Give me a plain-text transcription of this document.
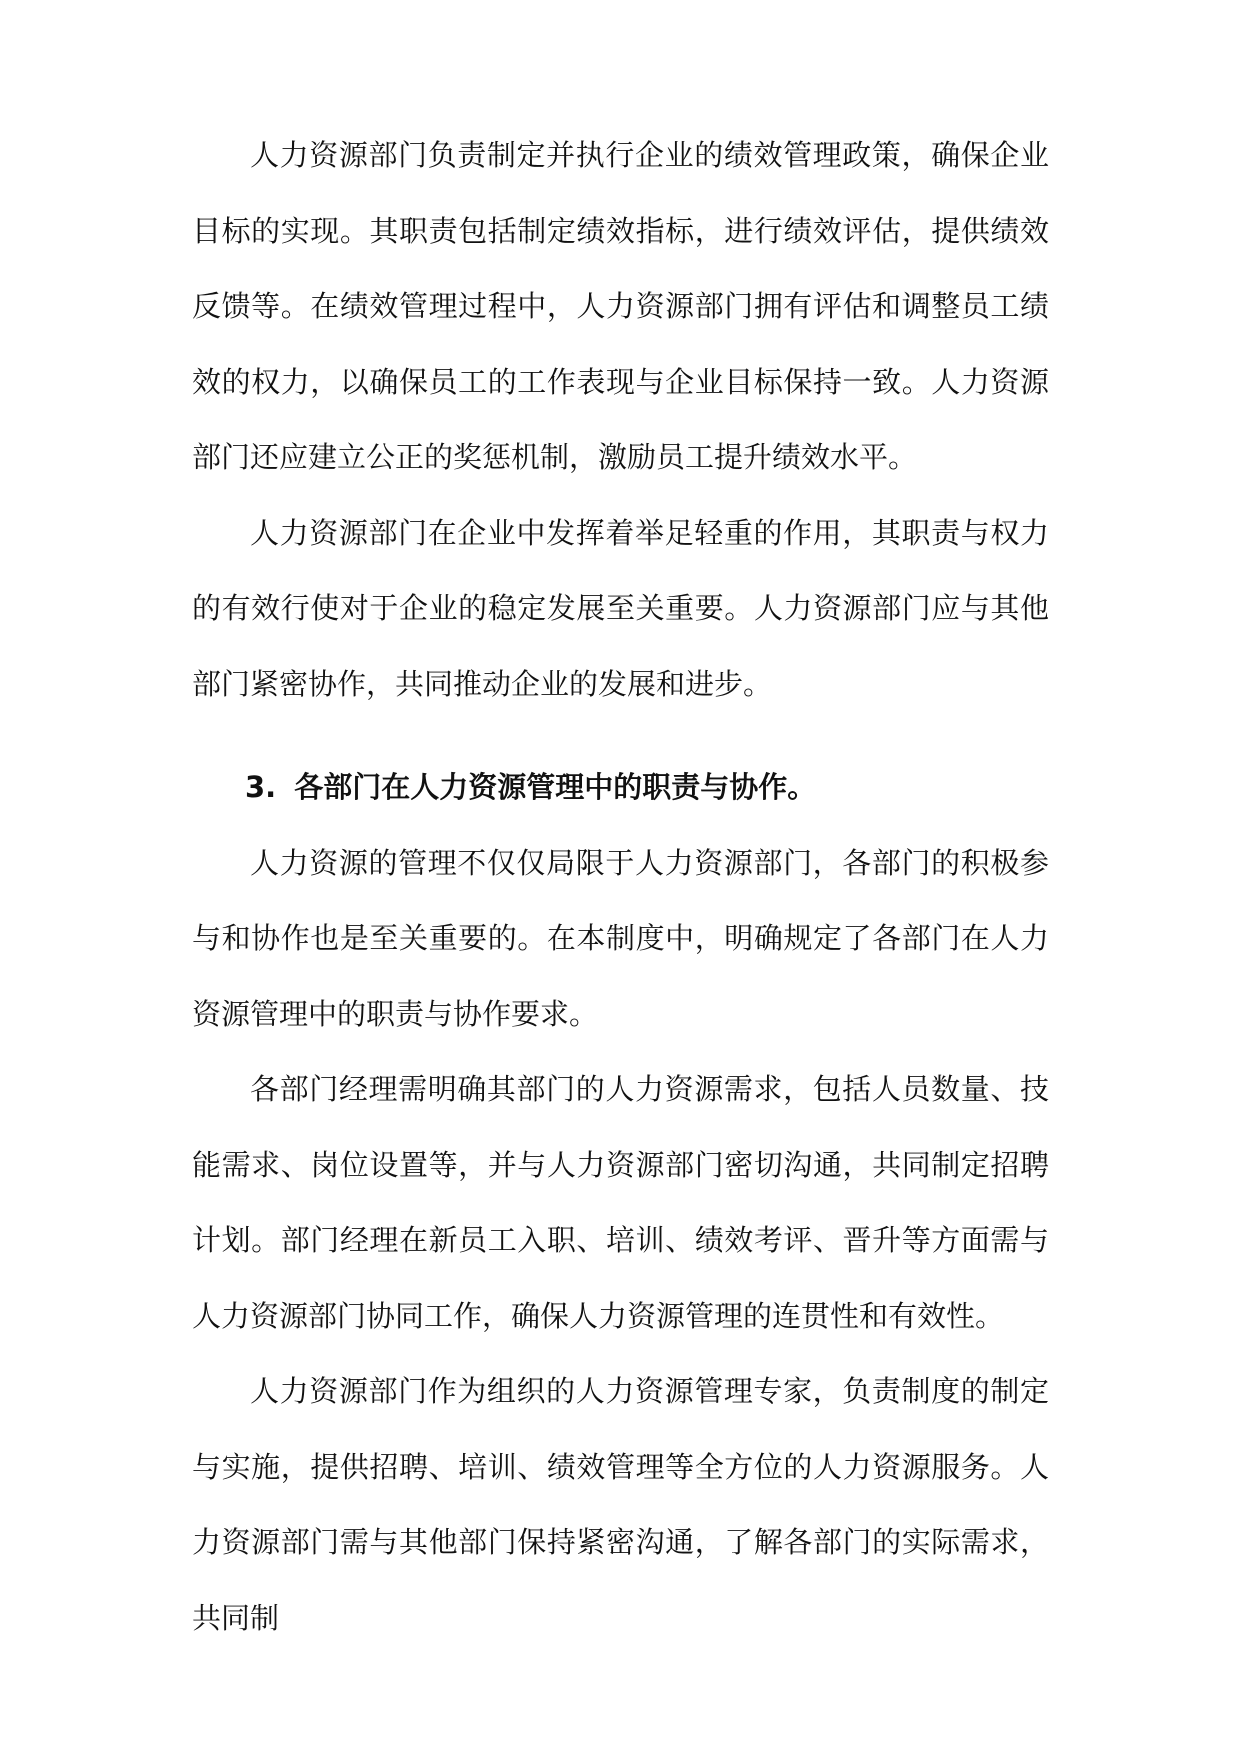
人力资源部门负责制定并执行企业的绩效管理政策，确保企业目标的实现。其职责包括制定绩效指标，进行绩效评估，提供绩效反馈等。在绩效管理过程中，人力资源部门拥有评估和调整员工绩效的权力，以确保员工的工作表现与企业目标保持一致。人力资源部门还应建立公正的奖惩机制，激励员工提升绩效水平。

人力资源部门在企业中发挥着举足轻重的作用，其职责与权力的有效行使对于企业的稳定发展至关重要。人力资源部门应与其他部门紧密协作，共同推动企业的发展和进步。

3. 各部门在人力资源管理中的职责与协作。

人力资源的管理不仅仅局限于人力资源部门，各部门的积极参与和协作也是至关重要的。在本制度中，明确规定了各部门在人力资源管理中的职责与协作要求。

各部门经理需明确其部门的人力资源需求，包括人员数量、技能需求、岗位设置等，并与人力资源部门密切沟通，共同制定招聘计划。部门经理在新员工入职、培训、绩效考评、晋升等方面需与人力资源部门协同工作，确保人力资源管理的连贯性和有效性。

人力资源部门作为组织的人力资源管理专家，负责制度的制定与实施，提供招聘、培训、绩效管理等全方位的人力资源服务。人力资源部门需与其他部门保持紧密沟通，了解各部门的实际需求，共同制
